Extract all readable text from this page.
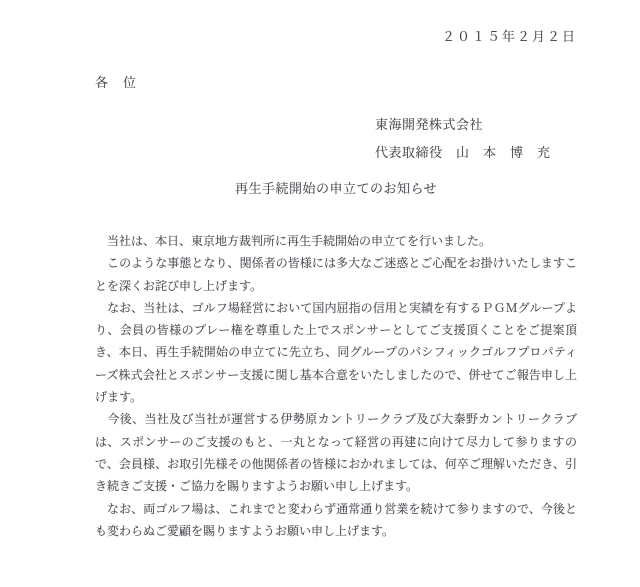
２０１５年２月２日
各　位
東海開発株式会社
代表取締役　山　本　博　充
再生手続開始の申立てのお知らせ

　当社は、本日、東京地方裁判所に再生手続開始の申立てを行いました。

　このような事態となり、関係者の皆様には多大なご迷惑とご心配をお掛けいたしますことを深くお詫び申し上げます。

　なお、当社は、ゴルフ場経営において国内屈指の信用と実績を有するＰＧＭグループより、会員の皆様のプレー権を尊重した上でスポンサーとしてご支援頂くことをご提案頂き、本日、再生手続開始の申立てに先立ち、同グループのパシフィックゴルフプロパティーズ株式会社とスポンサー支援に関し基本合意をいたしましたので、併せてご報告申し上げます。

　今後、当社及び当社が運営する伊勢原カントリークラブ及び大秦野カントリークラブは、スポンサーのご支援のもと、一丸となって経営の再建に向けて尽力して参りますので、会員様、お取引先様その他関係者の皆様におかれましては、何卒ご理解いただき、引き続きご支援・ご協力を賜りますようお願い申し上げます。

　なお、両ゴルフ場は、これまでと変わらず通常通り営業を続けて参りますので、今後とも変わらぬご愛顧を賜りますようお願い申し上げます。
